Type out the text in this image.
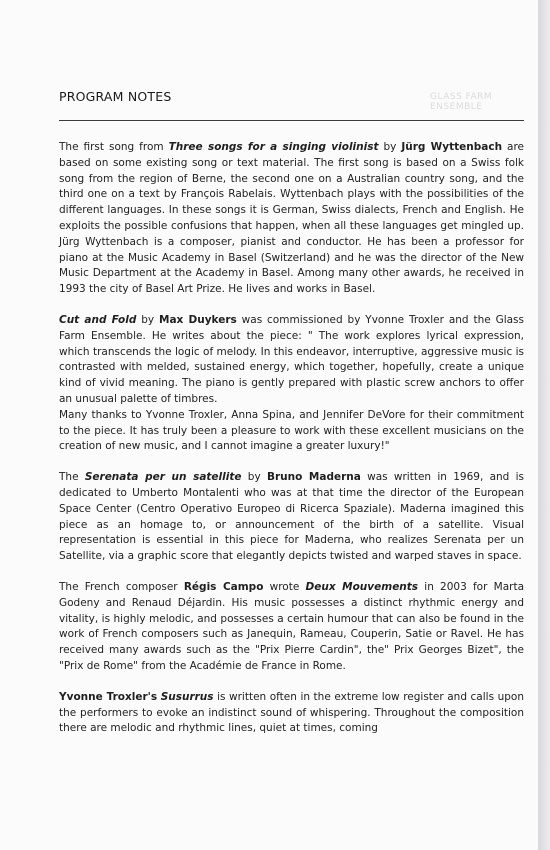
GLASS FARM ENSEMBLE
PROGRAM NOTES

The first song from Three songs for a singing violinist by Jürg Wyttenbach are based on some existing song or text material. The first song is based on a Swiss folk song from the region of Berne, the second one on a Australian country song, and the third one on a text by François Rabelais. Wyttenbach plays with the possibilities of the different languages. In these songs it is German, Swiss dialects, French and English. He exploits the possible confusions that happen, when all these languages get mingled up. Jürg Wyttenbach is a composer, pianist and conductor. He has been a professor for piano at the Music Academy in Basel (Switzerland) and he was the director of the New Music Department at the Academy in Basel. Among many other awards, he received in 1993 the city of Basel Art Prize. He lives and works in Basel.

Cut and Fold by Max Duykers was commissioned by Yvonne Troxler and the Glass Farm Ensemble. He writes about the piece: " The work explores lyrical expression, which transcends the logic of melody. In this endeavor, interruptive, aggressive music is contrasted with melded, sustained energy, which together, hopefully, create a unique kind of vivid meaning. The piano is gently prepared with plastic screw anchors to offer an unusual palette of timbres.

Many thanks to Yvonne Troxler, Anna Spina, and Jennifer DeVore for their commitment to the piece. It has truly been a pleasure to work with these excellent musicians on the creation of new music, and I cannot imagine a greater luxury!"

The Serenata per un satellite by Bruno Maderna was written in 1969, and is dedicated to Umberto Montalenti who was at that time the director of the European Space Center (Centro Operativo Europeo di Ricerca Spaziale). Maderna imagined this piece as an homage to, or announcement of the birth of a satellite. Visual representation is essential in this piece for Maderna, who realizes Serenata per un Satellite, via a graphic score that elegantly depicts twisted and warped staves in space.

The French composer Régis Campo wrote Deux Mouvements in 2003 for Marta Godeny and Renaud Déjardin. His music possesses a distinct rhythmic energy and vitality, is highly melodic, and possesses a certain humour that can also be found in the work of French composers such as Janequin, Rameau, Couperin, Satie or Ravel. He has received many awards such as the "Prix Pierre Cardin", the" Prix Georges Bizet", the "Prix de Rome" from the Académie de France in Rome.

Yvonne Troxler's Susurrus is written often in the extreme low register and calls upon the performers to evoke an indistinct sound of whispering. Throughout the composition there are melodic and rhythmic lines, quiet at times, coming
